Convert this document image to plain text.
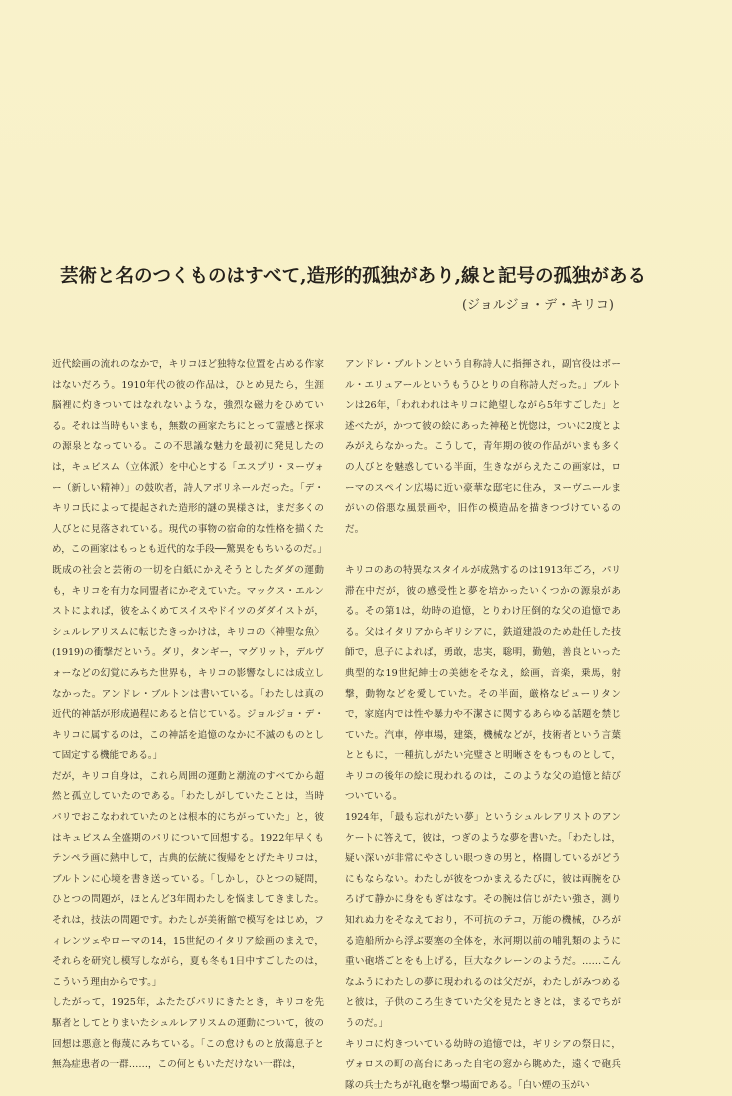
芸術と名のつくものはすべて,造形的孤独があり,線と記号の孤独がある
(ジョルジョ・デ・キリコ)

近代絵画の流れのなかで，キリコほど独特な位置を占める作家はないだろう。1910年代の彼の作品は，ひとめ見たら，生涯脳裡に灼きついてはなれないような，強烈な磁力をひめている。それは当時もいまも，無数の画家たちにとって霊感と探求の源泉となっている。この不思議な魅力を最初に発見したのは，キュビスム（立体派）を中心とする「エスプリ・ヌーヴォー（新しい精神）」の鼓吹者，詩人アポリネールだった。「デ・キリコ氏によって提起された造形的謎の異様さは，まだ多くの人びとに見落されている。現代の事物の宿命的な性格を描くため，この画家はもっとも近代的な手段──驚異をもちいるのだ。」

既成の社会と芸術の一切を白紙にかえそうとしたダダの運動も，キリコを有力な同盟者にかぞえていた。マックス・エルンストによれば，彼をふくめてスイスやドイツのダダイストが，シュルレアリスムに転じたきっかけは，キリコの〈神聖な魚〉(1919)の衝撃だという。ダリ，タンギー，マグリット，デルヴォーなどの幻覚にみちた世界も，キリコの影響なしには成立しなかった。アンドレ・ブルトンは書いている。「わたしは真の近代的神話が形成過程にあると信じている。ジョルジョ・デ・キリコに属するのは，この神話を追憶のなかに不滅のものとして固定する機能である。」

だが，キリコ自身は，これら周囲の運動と潮流のすべてから超然と孤立していたのである。「わたしがしていたことは，当時パリでおこなわれていたのとは根本的にちがっていた」と，彼はキュビスム全盛期のパリについて回想する。1922年早くもテンペラ画に熱中して，古典的伝統に復帰をとげたキリコは，ブルトンに心境を書き送っている。「しかし，ひとつの疑問，ひとつの問題が，ほとんど3年間わたしを悩ましてきました。それは，技法の問題です。わたしが美術館で模写をはじめ，フィレンツェやローマの14，15世紀のイタリア絵画のまえで，それらを研究し模写しながら，夏も冬も1日中すごしたのは，こういう理由からです。」

したがって，1925年，ふたたびパリにきたとき，キリコを先駆者としてとりまいたシュルレアリスムの運動について，彼の回想は悪意と侮蔑にみちている。「この怠けものと放蕩息子と無為症患者の一群……，この何ともいただけない一群は，

アンドレ・ブルトンという自称詩人に指揮され，副官役はポール・エリュアールというもうひとりの自称詩人だった。」ブルトンは26年，「われわれはキリコに絶望しながら5年すごした」と述べたが，かつて彼の絵にあった神秘と恍惚は，ついに2度とよみがえらなかった。こうして，青年期の彼の作品がいまも多くの人びとを魅惑している半面，生きながらえたこの画家は，ローマのスペイン広場に近い豪華な邸宅に住み，ヌーヴニールまがいの俗悪な風景画や，旧作の模造品を描きつづけているのだ。

キリコのあの特異なスタイルが成熟するのは1913年ごろ，パリ滞在中だが，彼の感受性と夢を培かったいくつかの源泉がある。その第1は，幼時の追憶，とりわけ圧倒的な父の追憶である。父はイタリアからギリシアに，鉄道建設のため赴任した技師で，息子によれば，勇敢，忠実，聡明，勤勉，善良といった典型的な19世紀紳士の美徳をそなえ，絵画，音楽，乗馬，射撃，動物などを愛していた。その半面，厳格なピューリタンで，家庭内では性や暴力や不潔さに関するあらゆる話題を禁じていた。汽車，停車場，建築，機械などが，技術者という言葉とともに，一種抗しがたい完璧さと明晰さをもつものとして，キリコの後年の絵に現われるのは，このような父の追憶と結びついている。

1924年，「最も忘れがたい夢」というシュルレアリストのアンケートに答えて，彼は，つぎのような夢を書いた。「わたしは，疑い深いが非常にやさしい眼つきの男と，格闘しているがどうにもならない。わたしが彼をつかまえるたびに，彼は両腕をひろげて静かに身をもぎはなす。その腕は信じがたい強さ，測り知れぬ力をそなえており，不可抗のテコ，万能の機械，ひろがる造船所から浮ぶ要塞の全体を，氷河期以前の哺乳類のように重い砲塔ごとをも上げる，巨大なクレーンのようだ。……こんなふうにわたしの夢に現われるのは父だが，わたしがみつめると彼は，子供のころ生きていた父を見たときとは，まるでちがうのだ。」

キリコに灼きついている幼時の追憶では，ギリシアの祭日に，ヴォロスの町の高台にあった自宅の窓から眺めた，遠くで砲兵隊の兵士たちが礼砲を撃つ場面である。「白い煙の玉がい
